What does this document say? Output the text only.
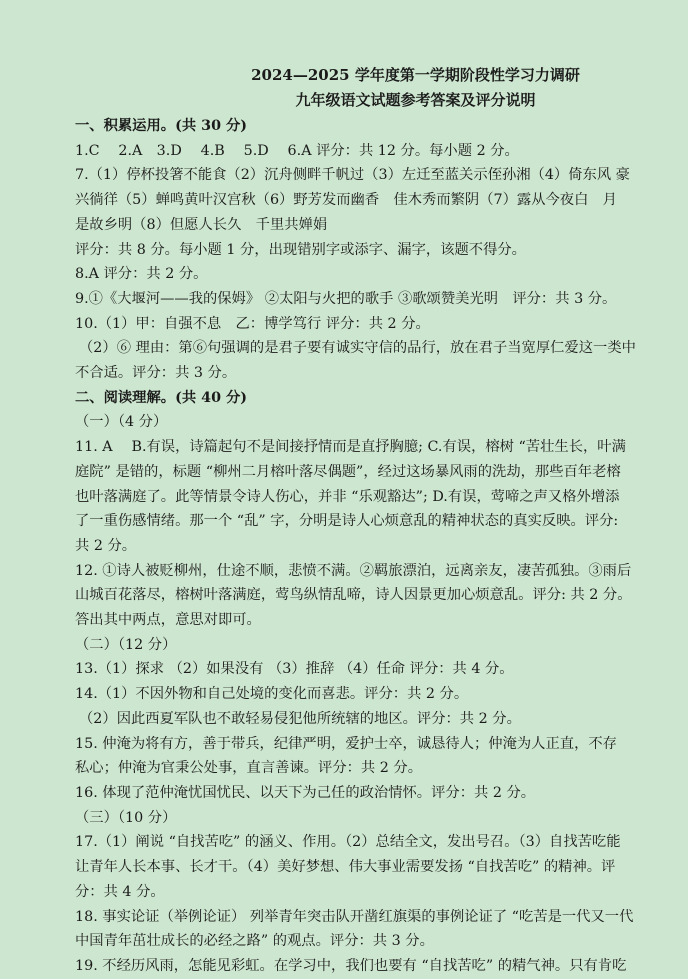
2024—2025 学年度第一学期阶段性学习力调研
九年级语文试题参考答案及评分说明
一、积累运用。(共 30 分)
1.C　 2.A　3.D　 4.B　 5.D　 6.A 评分：共 12 分。每小题 2 分。
7.（1）停杯投箸不能食（2）沉舟侧畔千帆过（3）左迁至蓝关示侄孙湘（4）倚东风 豪
兴徜徉（5）蝉鸣黄叶汉宫秋（6）野芳发而幽香　佳木秀而繁阴（7）露从今夜白　月
是故乡明（8）但愿人长久　千里共婵娟
评分：共 8 分。每小题 1 分，出现错别字或添字、漏字，该题不得分。
8.A 评分：共 2 分。
9.①《大堰河——我的保姆》 ②太阳与火把的歌手 ③歌颂赞美光明　评分：共 3 分。
10.（1）甲：自强不息　乙：博学笃行 评分：共 2 分。
（2）⑥ 理由：第⑥句强调的是君子要有诚实守信的品行，放在君子当宽厚仁爱这一类中
不合适。评分：共 3 分。
二、阅读理解。(共 40 分)
（一）（4 分）
11. A　 B.有误，诗篇起句不是间接抒情而是直抒胸臆; C.有误，榕树 “苦壮生长，叶满
庭院” 是错的，标题 “柳州二月榕叶落尽偶题”，经过这场暴风雨的洗劫，那些百年老榕
也叶落满庭了。此等情景令诗人伤心，并非 “乐观豁达”; D.有误，莺啼之声又格外增添
了一重伤感情绪。那一个 “乱” 字，分明是诗人心烦意乱的精神状态的真实反映。评分:
共 2 分。
12. ①诗人被贬柳州，仕途不顺，悲愤不满。②羁旅漂泊，远离亲友，凄苦孤独。③雨后
山城百花落尽，榕树叶落满庭，莺鸟纵情乱啼，诗人因景更加心烦意乱。评分: 共 2 分。
答出其中两点，意思对即可。
（二）（12 分）
13.（1）探求 （2）如果没有 （3）推辞 （4）任命 评分：共 4 分。
14.（1）不因外物和自己处境的变化而喜悲。评分：共 2 分。
（2）因此西夏军队也不敢轻易侵犯他所统辖的地区。评分：共 2 分。
15. 仲淹为将有方，善于带兵，纪律严明，爱护士卒，诚恳待人；仲淹为人正直，不存
私心；仲淹为官秉公处事，直言善谏。评分：共 2 分。
16. 体现了范仲淹忧国忧民、以天下为己任的政治情怀。评分：共 2 分。
（三）（10 分）
17.（1）阐说 “自找苦吃” 的涵义、作用。（2）总结全文，发出号召。（3）自找苦吃能
让青年人长本事、长才干。（4）美好梦想、伟大事业需要发扬 “自找苦吃” 的精神。评
分：共 4 分。
18. 事实论证（举例论证） 列举青年突击队开凿红旗渠的事例论证了 “吃苦是一代又一代
中国青年茁壮成长的必经之路” 的观点。评分：共 3 分。
19. 不经历风雨，怎能见彩虹。在学习中，我们也要有 “自找苦吃” 的精气神。只有肯吃
